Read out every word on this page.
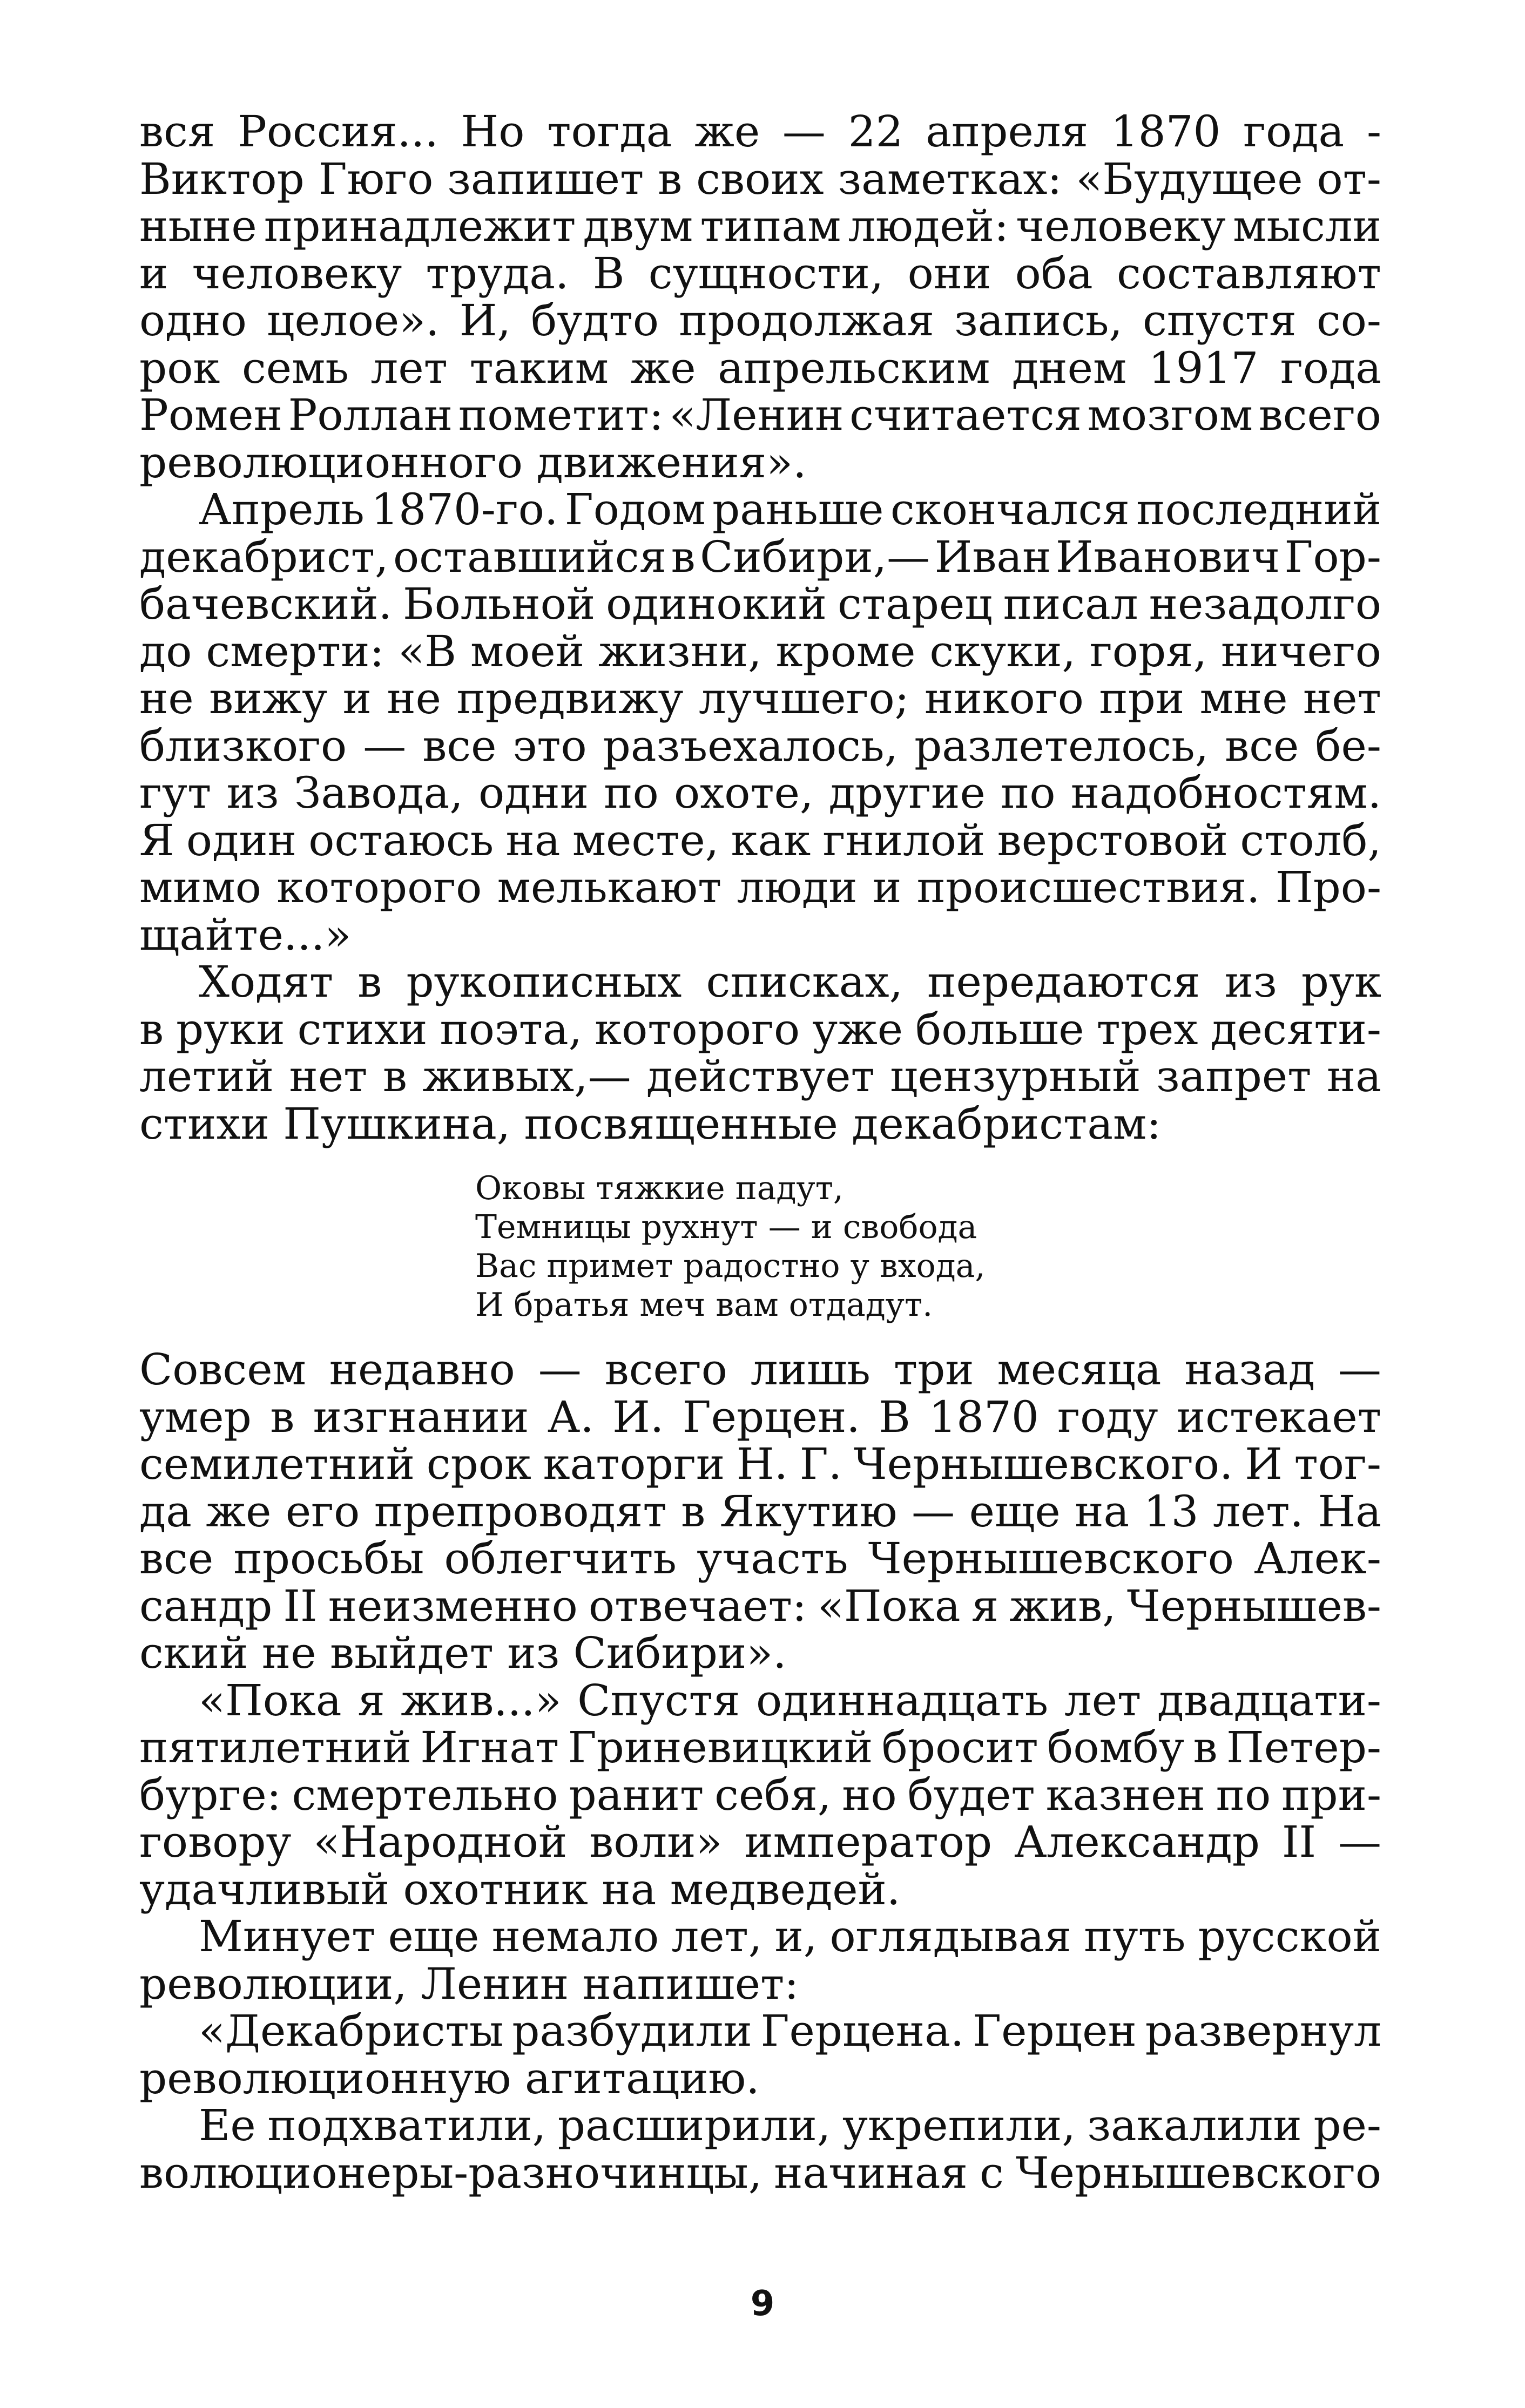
вся Россия... Но тогда же — 22 апреля 1870 года -
Виктор Гюго запишет в своих заметках: «Будущее от-
ныне принадлежит двум типам людей: человеку мысли
и человеку труда. В сущности, они оба составляют
одно целое». И, будто продолжая запись, спустя со-
рок семь лет таким же апрельским днем 1917 года
Ромен Роллан пометит: «Ленин считается мозгом всего
революционного движения».
Апрель 1870-го. Годом раньше скончался последний
декабрист, оставшийся в Сибири,— Иван Иванович Гор-
бачевский. Больной одинокий старец писал незадолго
до смерти: «В моей жизни, кроме скуки, горя, ничего
не вижу и не предвижу лучшего; никого при мне нет
близкого — все это разъехалось, разлетелось, все бе-
гут из Завода, одни по охоте, другие по надобностям.
Я один остаюсь на месте, как гнилой верстовой столб,
мимо которого мелькают люди и происшествия. Про-
щайте...»
Ходят в рукописных списках, передаются из рук
в руки стихи поэта, которого уже больше трех десяти-
летий нет в живых,— действует цензурный запрет на
стихи Пушкина, посвященные декабристам:
Оковы тяжкие падут,
Темницы рухнут — и свобода
Вас примет радостно у входа,
И братья меч вам отдадут.
Совсем недавно — всего лишь три месяца назад —
умер в изгнании А. И. Герцен. В 1870 году истекает
семилетний срок каторги Н. Г. Чернышевского. И тог-
да же его препроводят в Якутию — еще на 13 лет. На
все просьбы облегчить участь Чернышевского Алек-
сандр II неизменно отвечает: «Пока я жив, Чернышев-
ский не выйдет из Сибири».
«Пока я жив...» Спустя одиннадцать лет двадцати-
пятилетний Игнат Гриневицкий бросит бомбу в Петер-
бурге: смертельно ранит себя, но будет казнен по при-
говору «Народной воли» император Александр II —
удачливый охотник на медведей.
Минует еще немало лет, и, оглядывая путь русской
революции, Ленин напишет:
«Декабристы разбудили Герцена. Герцен развернул
революционную агитацию.
Ее подхватили, расширили, укрепили, закалили ре-
волюционеры-разночинцы, начиная с Чернышевского
9
